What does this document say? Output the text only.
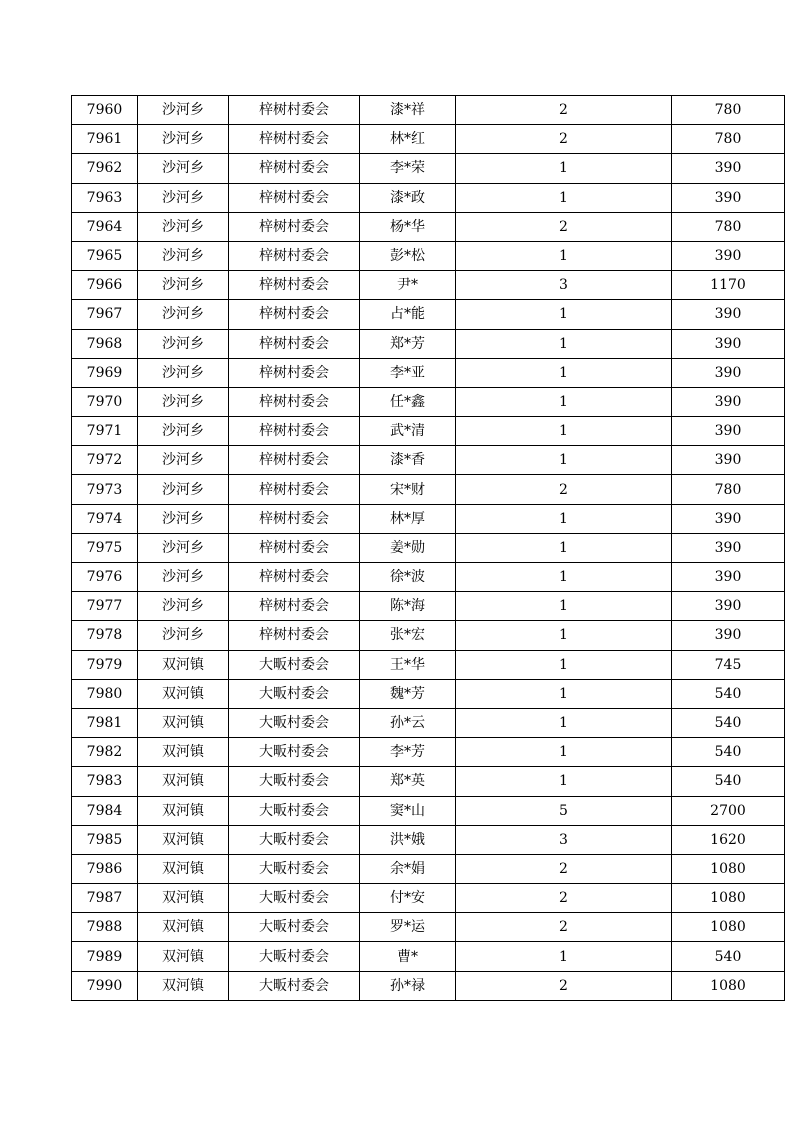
7960	沙河乡	梓树村委会	漆*祥	2	780
7961	沙河乡	梓树村委会	林*红	2	780
7962	沙河乡	梓树村委会	李*荣	1	390
7963	沙河乡	梓树村委会	漆*政	1	390
7964	沙河乡	梓树村委会	杨*华	2	780
7965	沙河乡	梓树村委会	彭*松	1	390
7966	沙河乡	梓树村委会	尹*	3	1170
7967	沙河乡	梓树村委会	占*能	1	390
7968	沙河乡	梓树村委会	郑*芳	1	390
7969	沙河乡	梓树村委会	李*亚	1	390
7970	沙河乡	梓树村委会	任*鑫	1	390
7971	沙河乡	梓树村委会	武*清	1	390
7972	沙河乡	梓树村委会	漆*香	1	390
7973	沙河乡	梓树村委会	宋*财	2	780
7974	沙河乡	梓树村委会	林*厚	1	390
7975	沙河乡	梓树村委会	姜*勋	1	390
7976	沙河乡	梓树村委会	徐*波	1	390
7977	沙河乡	梓树村委会	陈*海	1	390
7978	沙河乡	梓树村委会	张*宏	1	390
7979	双河镇	大畈村委会	王*华	1	745
7980	双河镇	大畈村委会	魏*芳	1	540
7981	双河镇	大畈村委会	孙*云	1	540
7982	双河镇	大畈村委会	李*芳	1	540
7983	双河镇	大畈村委会	郑*英	1	540
7984	双河镇	大畈村委会	窦*山	5	2700
7985	双河镇	大畈村委会	洪*娥	3	1620
7986	双河镇	大畈村委会	余*娟	2	1080
7987	双河镇	大畈村委会	付*安	2	1080
7988	双河镇	大畈村委会	罗*运	2	1080
7989	双河镇	大畈村委会	曹*	1	540
7990	双河镇	大畈村委会	孙*禄	2	1080
